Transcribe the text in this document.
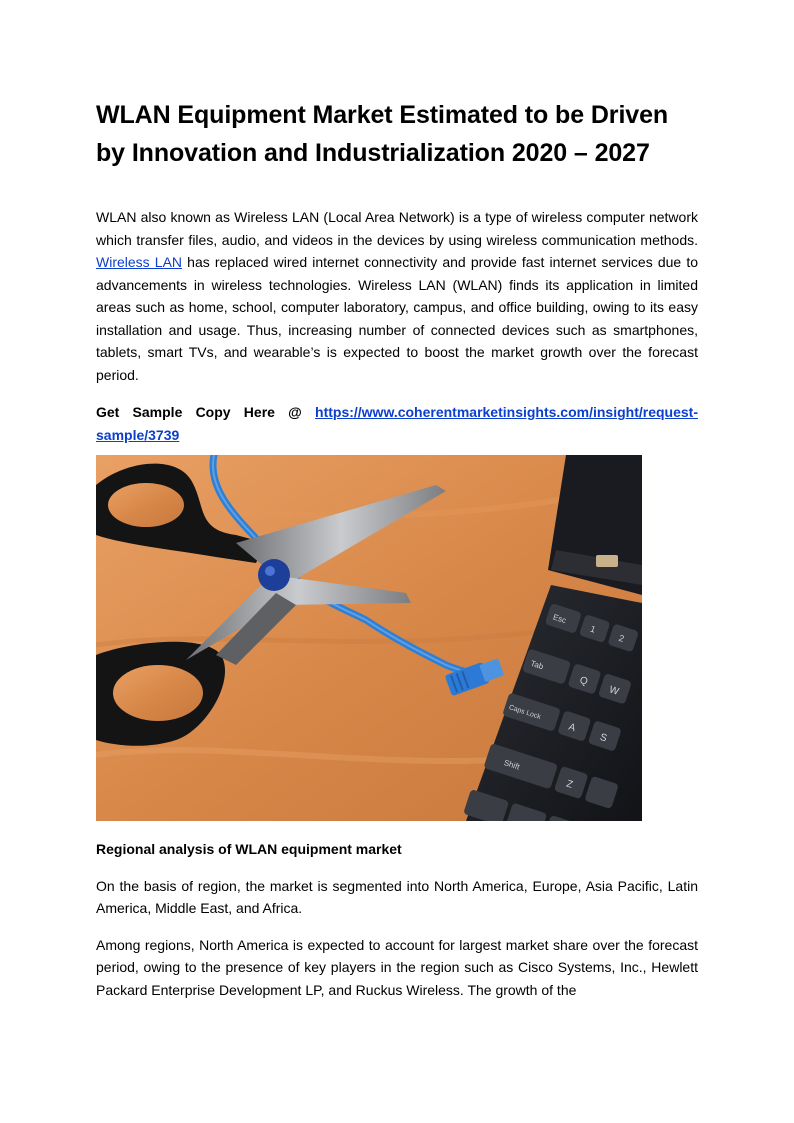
WLAN Equipment Market Estimated to be Driven by Innovation and Industrialization 2020 – 2027

WLAN also known as Wireless LAN (Local Area Network) is a type of wireless computer network which transfer files, audio, and videos in the devices by using wireless communication methods. Wireless LAN has replaced wired internet connectivity and provide fast internet services due to advancements in wireless technologies. Wireless LAN (WLAN) finds its application in limited areas such as home, school, computer laboratory, campus, and office building, owing to its easy installation and usage. Thus, increasing number of connected devices such as smartphones, tablets, smart TVs, and wearable’s is expected to boost the market growth over the forecast period.

Get Sample Copy Here @ https://www.coherentmarketinsights.com/insight/request-sample/3739

Esc
1
2
Tab
Q
W
Caps Lock
A
S
Shift
Z

Regional analysis of WLAN equipment market

On the basis of region, the market is segmented into North America, Europe, Asia Pacific, Latin America, Middle East, and Africa.

Among regions, North America is expected to account for largest market share over the forecast period, owing to the presence of key players in the region such as Cisco Systems, Inc., Hewlett Packard Enterprise Development LP, and Ruckus Wireless. The growth of the
